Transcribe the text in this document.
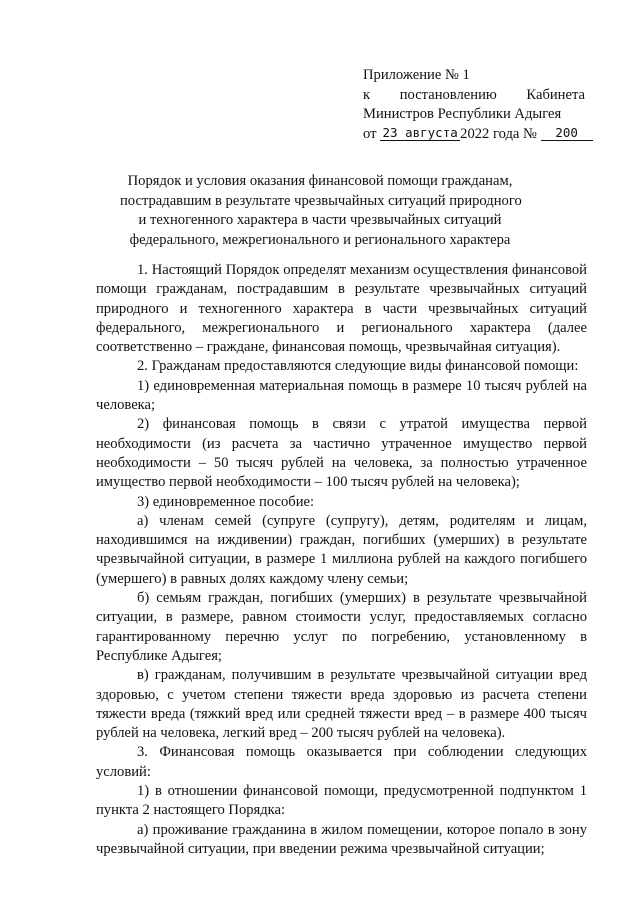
Приложение № 1
к постановлению Кабинета
Министров Республики Адыгея
от 23 августа 2022 года № 200
Порядок и условия оказания финансовой помощи гражданам,
пострадавшим в результате чрезвычайных ситуаций природного
и техногенного характера в части чрезвычайных ситуаций
федерального, межрегионального и регионального характера

1. Настоящий Порядок определят механизм осуществления финансовой помощи гражданам, пострадавшим в результате чрезвычайных ситуаций природного и техногенного характера в части чрезвычайных ситуаций федерального, межрегионального и регионального характера (далее соответственно – граждане, финансовая помощь, чрезвычайная ситуация).

2. Гражданам предоставляются следующие виды финансовой помощи:

1) единовременная материальная помощь в размере 10 тысяч рублей на человека;

2) финансовая помощь в связи с утратой имущества первой необходимости (из расчета за частично утраченное имущество первой необходимости – 50 тысяч рублей на человека, за полностью утраченное имущество первой необходимости – 100 тысяч рублей на человека);

3) единовременное пособие:

а) членам семей (супруге (супругу), детям, родителям и лицам, находившимся на иждивении) граждан, погибших (умерших) в результате чрезвычайной ситуации, в размере 1 миллиона рублей на каждого погибшего (умершего) в равных долях каждому члену семьи;

б) семьям граждан, погибших (умерших) в результате чрезвычайной ситуации, в размере, равном стоимости услуг, предоставляемых согласно гарантированному перечню услуг по погребению, установленному в Республике Адыгея;

в) гражданам, получившим в результате чрезвычайной ситуации вред здоровью, с учетом степени тяжести вреда здоровью из расчета степени тяжести вреда (тяжкий вред или средней тяжести вред – в размере 400 тысяч рублей на человека, легкий вред – 200 тысяч рублей на человека).

3. Финансовая помощь оказывается при соблюдении следующих условий:

1) в отношении финансовой помощи, предусмотренной подпунктом 1 пункта 2 настоящего Порядка:

а) проживание гражданина в жилом помещении, которое попало в зону чрезвычайной ситуации, при введении режима чрезвычайной ситуации;
